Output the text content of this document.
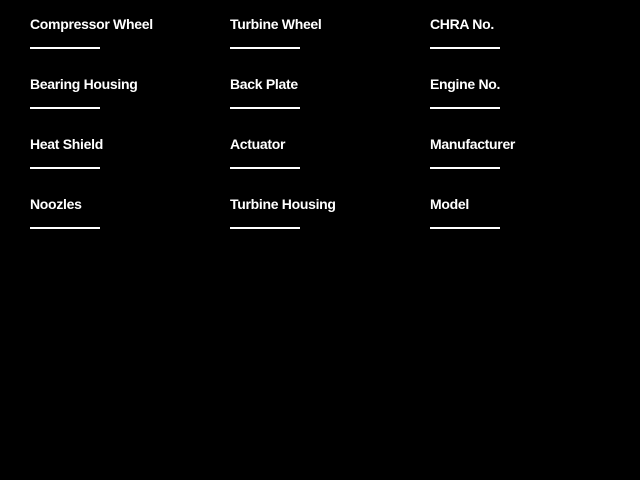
Compressor Wheel
Bearing Housing
Heat Shield
Noozles
Turbine Wheel
Back Plate
Actuator
Turbine Housing
CHRA No.
Engine No.
Manufacturer
Model
